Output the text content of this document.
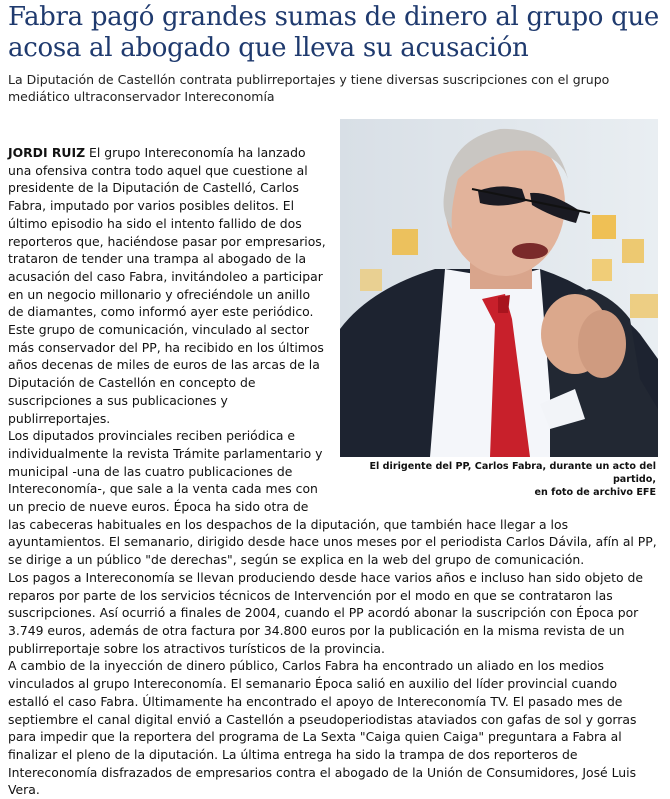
Fabra pagó grandes sumas de dinero al grupo que acosa al abogado que lleva su acusación

La Diputación de Castellón contrata publirreportajes y tiene diversas suscripciones con el grupo mediático ultraconservador Intereconomía

El dirigente del PP, Carlos Fabra, durante un acto del partido,
en foto de archivo EFE

JORDI RUIZ El grupo Intereconomía ha lanzado una ofensiva contra todo aquel que cuestione al presidente de la Diputación de Castelló, Carlos Fabra, imputado por varios posibles delitos. El último episodio ha sido el intento fallido de dos reporteros que, haciéndose pasar por empresarios, trataron de tender una trampa al abogado de la acusación del caso Fabra, invitándoleo a participar en un negocio millonario y ofreciéndole un anillo de diamantes, como informó ayer este periódico. Este grupo de comunicación, vinculado al sector más conservador del PP, ha recibido en los últimos años decenas de miles de euros de las arcas de la Diputación de Castellón en concepto de suscripciones a sus publicaciones y publirreportajes.

Los diputados provinciales reciben periódica e individualmente la revista Trámite parlamentario y municipal -una de las cuatro publicaciones de Intereconomía-, que sale a la venta cada mes con un precio de nueve euros. Época ha sido otra de las cabeceras habituales en los despachos de la diputación, que también hace llegar a los ayuntamientos. El semanario, dirigido desde hace unos meses por el periodista Carlos Dávila, afín al PP, se dirige a un público "de derechas", según se explica en la web del grupo de comunicación.

Los pagos a Intereconomía se llevan produciendo desde hace varios años e incluso han sido objeto de reparos por parte de los servicios técnicos de Intervención por el modo en que se contrataron las suscripciones. Así ocurrió a finales de 2004, cuando el PP acordó abonar la suscripción con Época por 3.749 euros, además de otra factura por 34.800 euros por la publicación en la misma revista de un publirreportaje sobre los atractivos turísticos de la provincia.

A cambio de la inyección de dinero público, Carlos Fabra ha encontrado un aliado en los medios vinculados al grupo Intereconomía. El semanario Época salió en auxilio del líder provincial cuando estalló el caso Fabra. Últimamente ha encontrado el apoyo de Intereconomía TV. El pasado mes de septiembre el canal digital envió a Castellón a pseudoperiodistas ataviados con gafas de sol y gorras para impedir que la reportera del programa de La Sexta "Caiga quien Caiga" preguntara a Fabra al finalizar el pleno de la diputación. La última entrega ha sido la trampa de dos reporteros de Intereconomía disfrazados de empresarios contra el abogado de la Unión de Consumidores, José Luis Vera.
